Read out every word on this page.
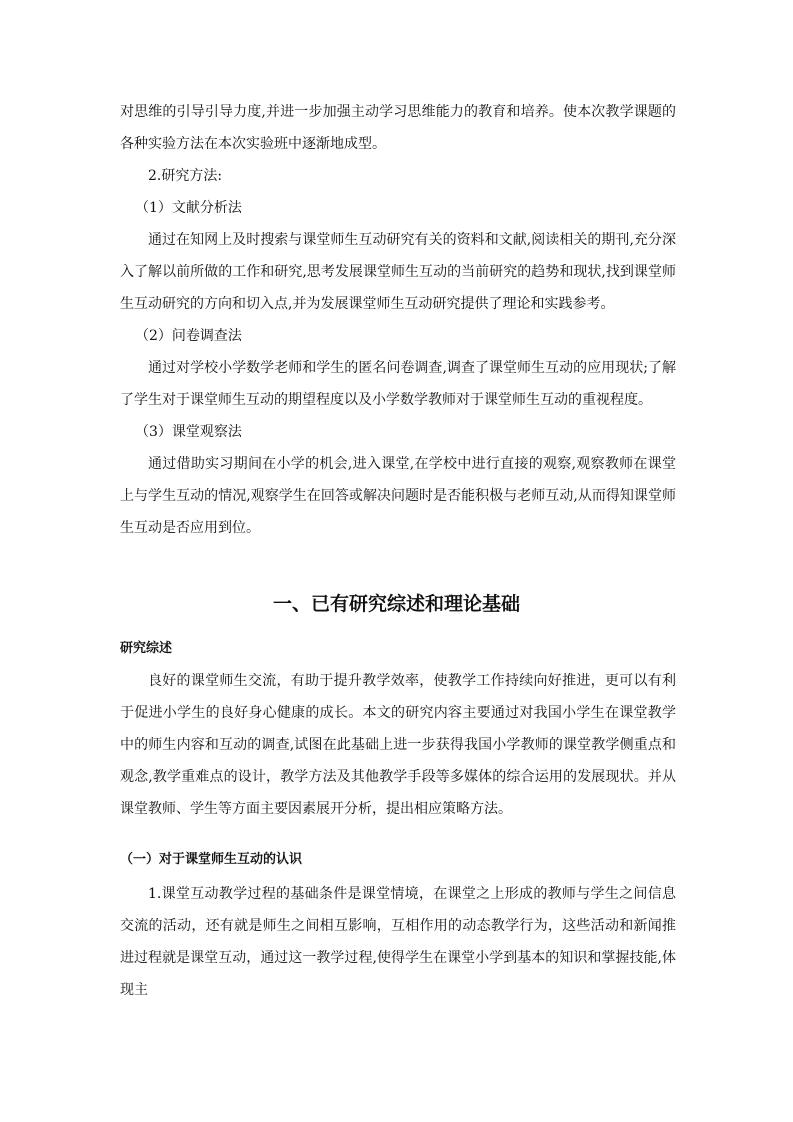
对思维的引导引导力度,并进一步加强主动学习思维能力的教育和培养。使本次教学课题的各种实验方法在本次实验班中逐渐地成型。

2.研究方法:

（1）文献分析法

通过在知网上及时搜索与课堂师生互动研究有关的资料和文献,阅读相关的期刊,充分深入了解以前所做的工作和研究,思考发展课堂师生互动的当前研究的趋势和现状,找到课堂师生互动研究的方向和切入点,并为发展课堂师生互动研究提供了理论和实践参考。

（2）问卷调查法

通过对学校小学数学老师和学生的匿名问卷调查,调查了课堂师生互动的应用现状;了解了学生对于课堂师生互动的期望程度以及小学数学教师对于课堂师生互动的重视程度。

（3）课堂观察法

通过借助实习期间在小学的机会,进入课堂,在学校中进行直接的观察,观察教师在课堂上与学生互动的情况,观察学生在回答或解决问题时是否能积极与老师互动,从而得知课堂师生互动是否应用到位。

一、已有研究综述和理论基础
研究综述

良好的课堂师生交流，有助于提升教学效率，使教学工作持续向好推进，更可以有利于促进小学生的良好身心健康的成长。本文的研究内容主要通过对我国小学生在课堂教学中的师生内容和互动的调查,试图在此基础上进一步获得我国小学教师的课堂教学侧重点和观念,教学重难点的设计，教学方法及其他教学手段等多媒体的综合运用的发展现状。并从课堂教师、学生等方面主要因素展开分析，提出相应策略方法。

（一）对于课堂师生互动的认识

1.课堂互动教学过程的基础条件是课堂情境，在课堂之上形成的教师与学生之间信息交流的活动，还有就是师生之间相互影响，互相作用的动态教学行为，这些活动和新闻推进过程就是课堂互动，通过这一教学过程,使得学生在课堂小学到基本的知识和掌握技能,体现主
